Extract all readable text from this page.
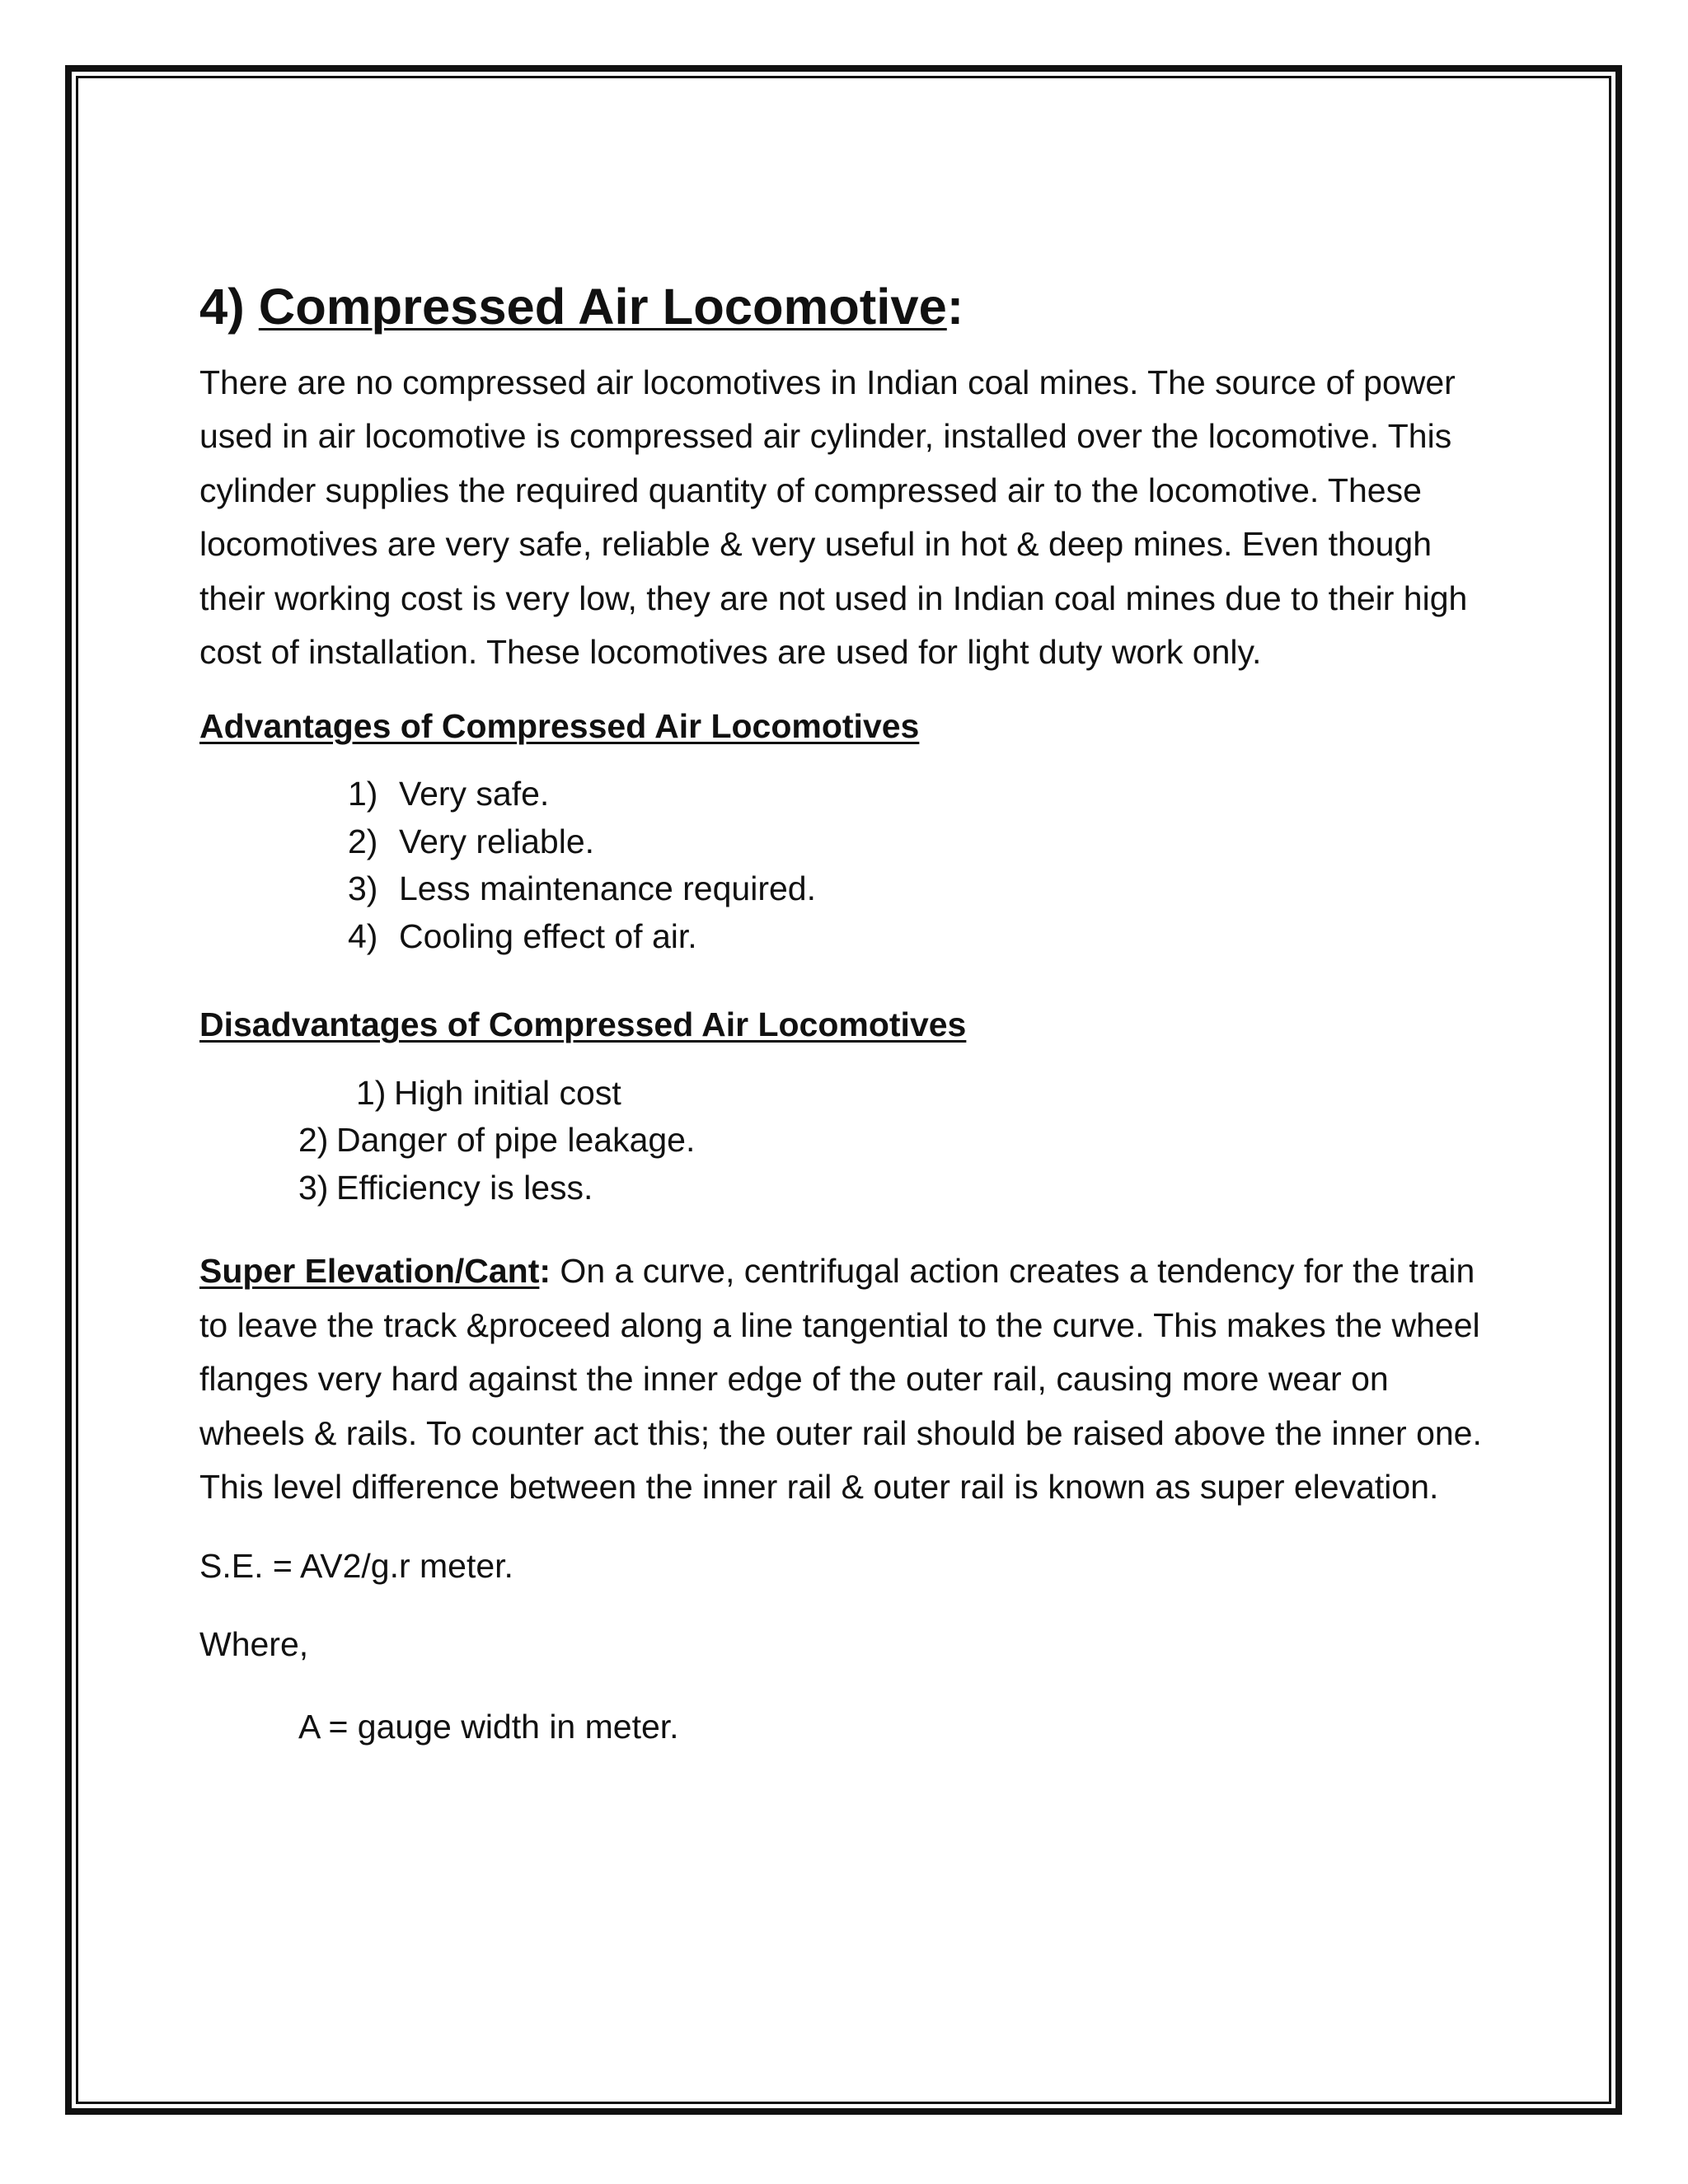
4) Compressed Air Locomotive:

There are no compressed air locomotives in Indian coal mines. The source of power used in air locomotive is compressed air cylinder, installed over the locomotive. This cylinder supplies the required quantity of compressed air to the locomotive. These locomotives are very safe, reliable & very useful in hot & deep mines. Even though their working cost is very low, they are not used in Indian coal mines due to their high cost of installation. These locomotives are used for light duty work only.

Advantages of Compressed Air Locomotives
1) Very safe.
2) Very reliable.
3) Less maintenance required.
4) Cooling effect of air.
Disadvantages of Compressed Air Locomotives
1) High initial cost
2) Danger of pipe leakage.
3) Efficiency is less.

Super Elevation/Cant: On a curve, centrifugal action creates a tendency for the train to leave the track &proceed along a line tangential to the curve. This makes the wheel flanges very hard against the inner edge of the outer rail, causing more wear on wheels & rails. To counter act this; the outer rail should be raised above the inner one. This level difference between the inner rail & outer rail is known as super elevation.

S.E. = AV2/g.r meter.

Where,

A = gauge width in meter.
